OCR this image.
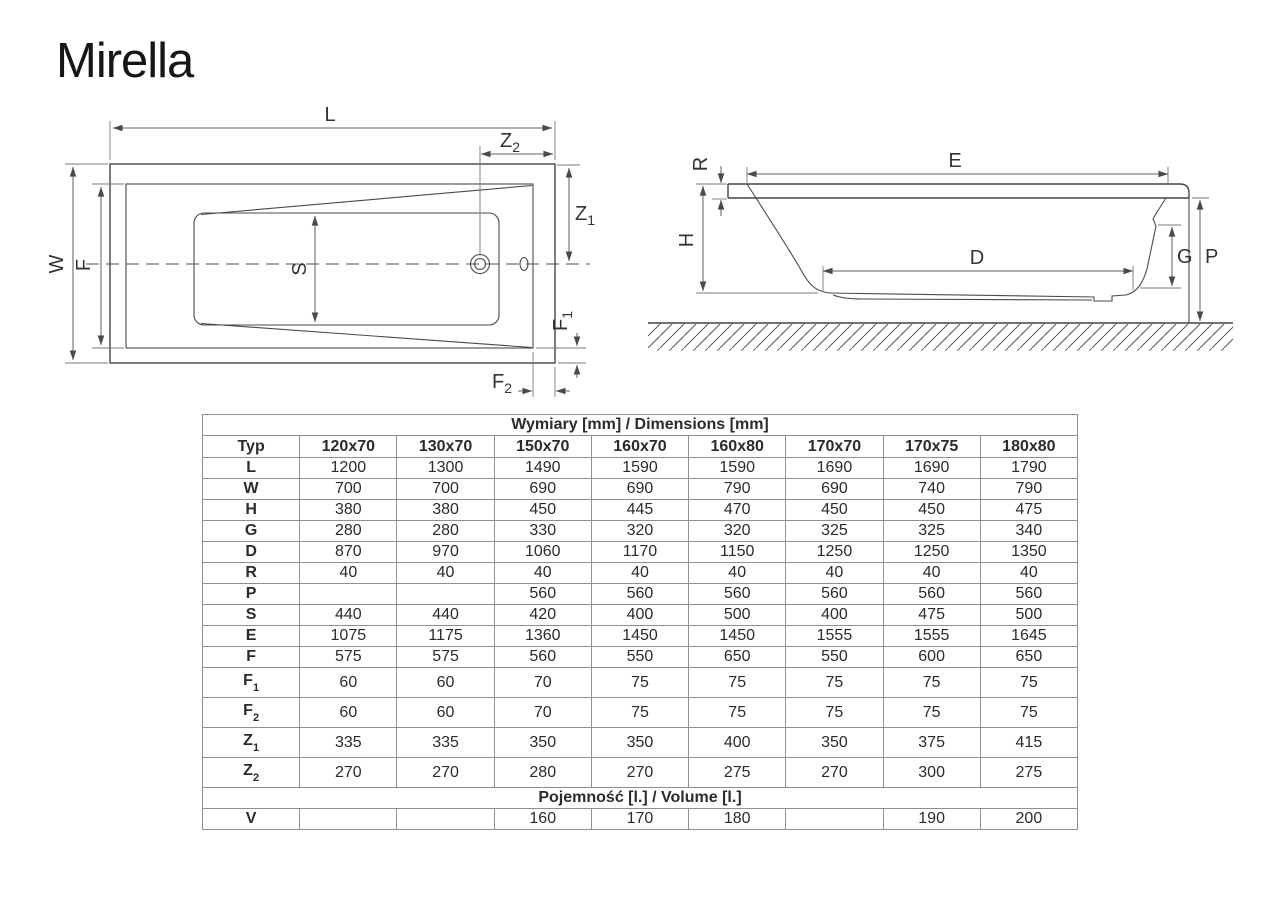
Mirella
L
$Z_2$
W F	S
$Z_1$
$F_1$
$F_2$
E
R
H
D	G P
Wymiary [mm] / Dimensions [mm]								
Typ	120x70	130x70	150x70	160x70	160x80	170x70	170x75	180x80
L	1200	1300	1490	1590	1590	1690	1690	1790
W	700	700	690	690	790	690	740	790
H	380	380	450	445	470	450	450	475
G	280	280	330	320	320	325	325	340
D	870	970	1060	1170	1150	1250	1250	1350
R	40	40	40	40	40	40	40	40
P			560	560	560	560	560	560
S	440	440	420	400	500	400	475	500
E	1075	1175	1360	1450	1450	1555	1555	1645
F	575	575	560	550	650	550	600	650
$F_1$	60	60	70	75	75	75	75	75
$F_2$	60	60	70	75	75	75	75	75
$Z_1$	335	335	350	350	400	350	375	415
$Z_2$	270	270	280	270	275	270	300	275
Pojemność [l.] / Volume [l.]								
V			160	170	180		190	200
